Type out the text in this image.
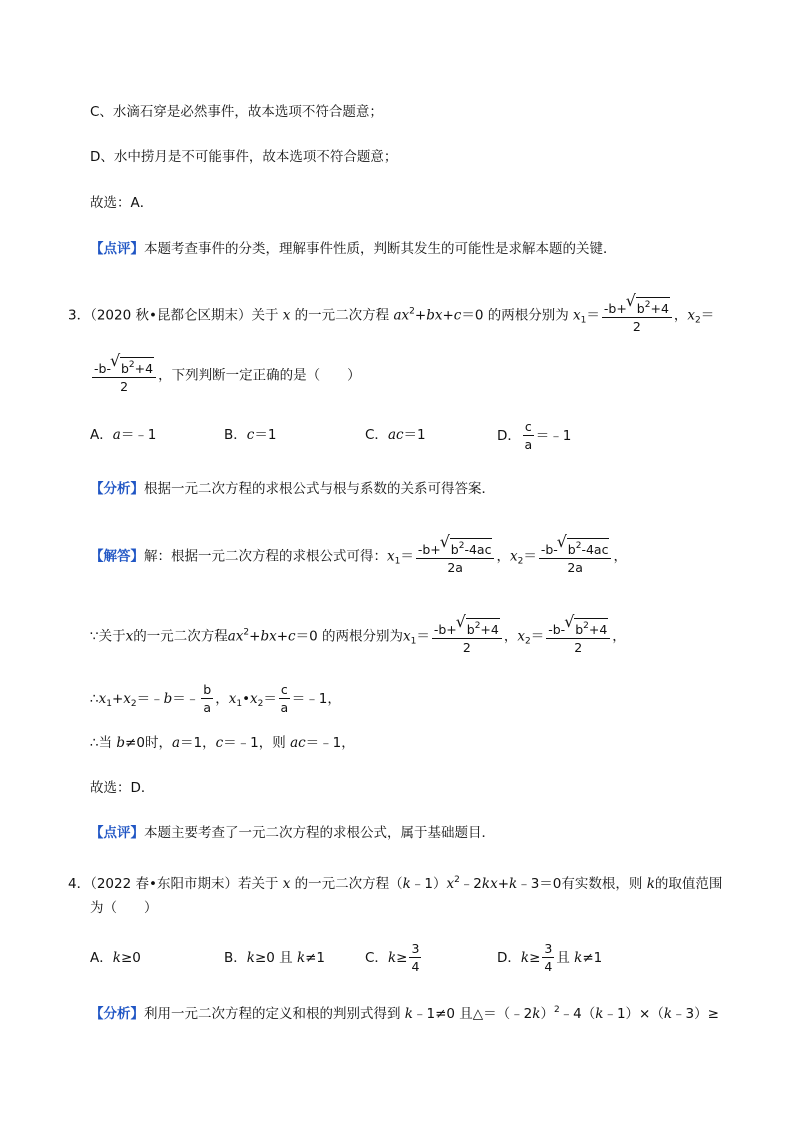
C、水滴石穿是必然事件，故本选项不符合题意；
D、水中捞月是不可能事件，故本选项不符合题意；
故选：A．
【点评】本题考查事件的分类，理解事件性质，判断其发生的可能性是求解本题的关键．
3．（2020 秋•昆都仑区期末）关于 x 的一元二次方程 $ax^2+bx+c=0$ 的两根分别为 $x_1= \frac{-b+ √ b^2+4}{2}$ ，$x_2=$
$\frac{-b- √ b^2+4}{2}$ ，下列判断一定正确的是（　　）
A．a＝﹣1	B．c＝1	C．ac＝1	D． $\frac{c}{a}$ ＝﹣1
【分析】根据一元二次方程的求根公式与根与系数的关系可得答案．
【解答】解：根据一元二次方程的求根公式可得：$x_1= \frac{-b+ √ b^2-4ac}{2a}$ ，$x_2= \frac{-b- √ b^2-4ac}{2a}$ ，
∵关于x的一元二次方程$ax^2+bx+c=0$ 的两根分别为$x_1= \frac{-b+ √ b^2+4}{2}$ ，$x_2= \frac{-b- √ b^2+4}{2}$ ，
$\therefore x_1+x_2=﹣b=﹣ \frac{b}{a}$ ，$x_1•x_2= \frac{c}{a}$ ＝﹣1，
∴当 b≠0时，a＝1，c＝﹣1，则 ac＝﹣1，
故选：D．
【点评】本题主要考查了一元二次方程的求根公式，属于基础题目．
4．（2022 春•东阳市期末）若关于 x 的一元二次方程$(k﹣1)x^2﹣2kx+k﹣3=0$有实数根，则 k的取值范围
为（　　）
A．k≥0	B．k≥0 且 k≠1	C．$k\ge \frac{3}{4}$	D．$k\ge \frac{3}{4}$ 且 k≠1
【分析】利用一元二次方程的定义和根的判别式得到 k﹣1≠0 且△＝（﹣2k）$^2$﹣4（k﹣1）×（k﹣3）≥
